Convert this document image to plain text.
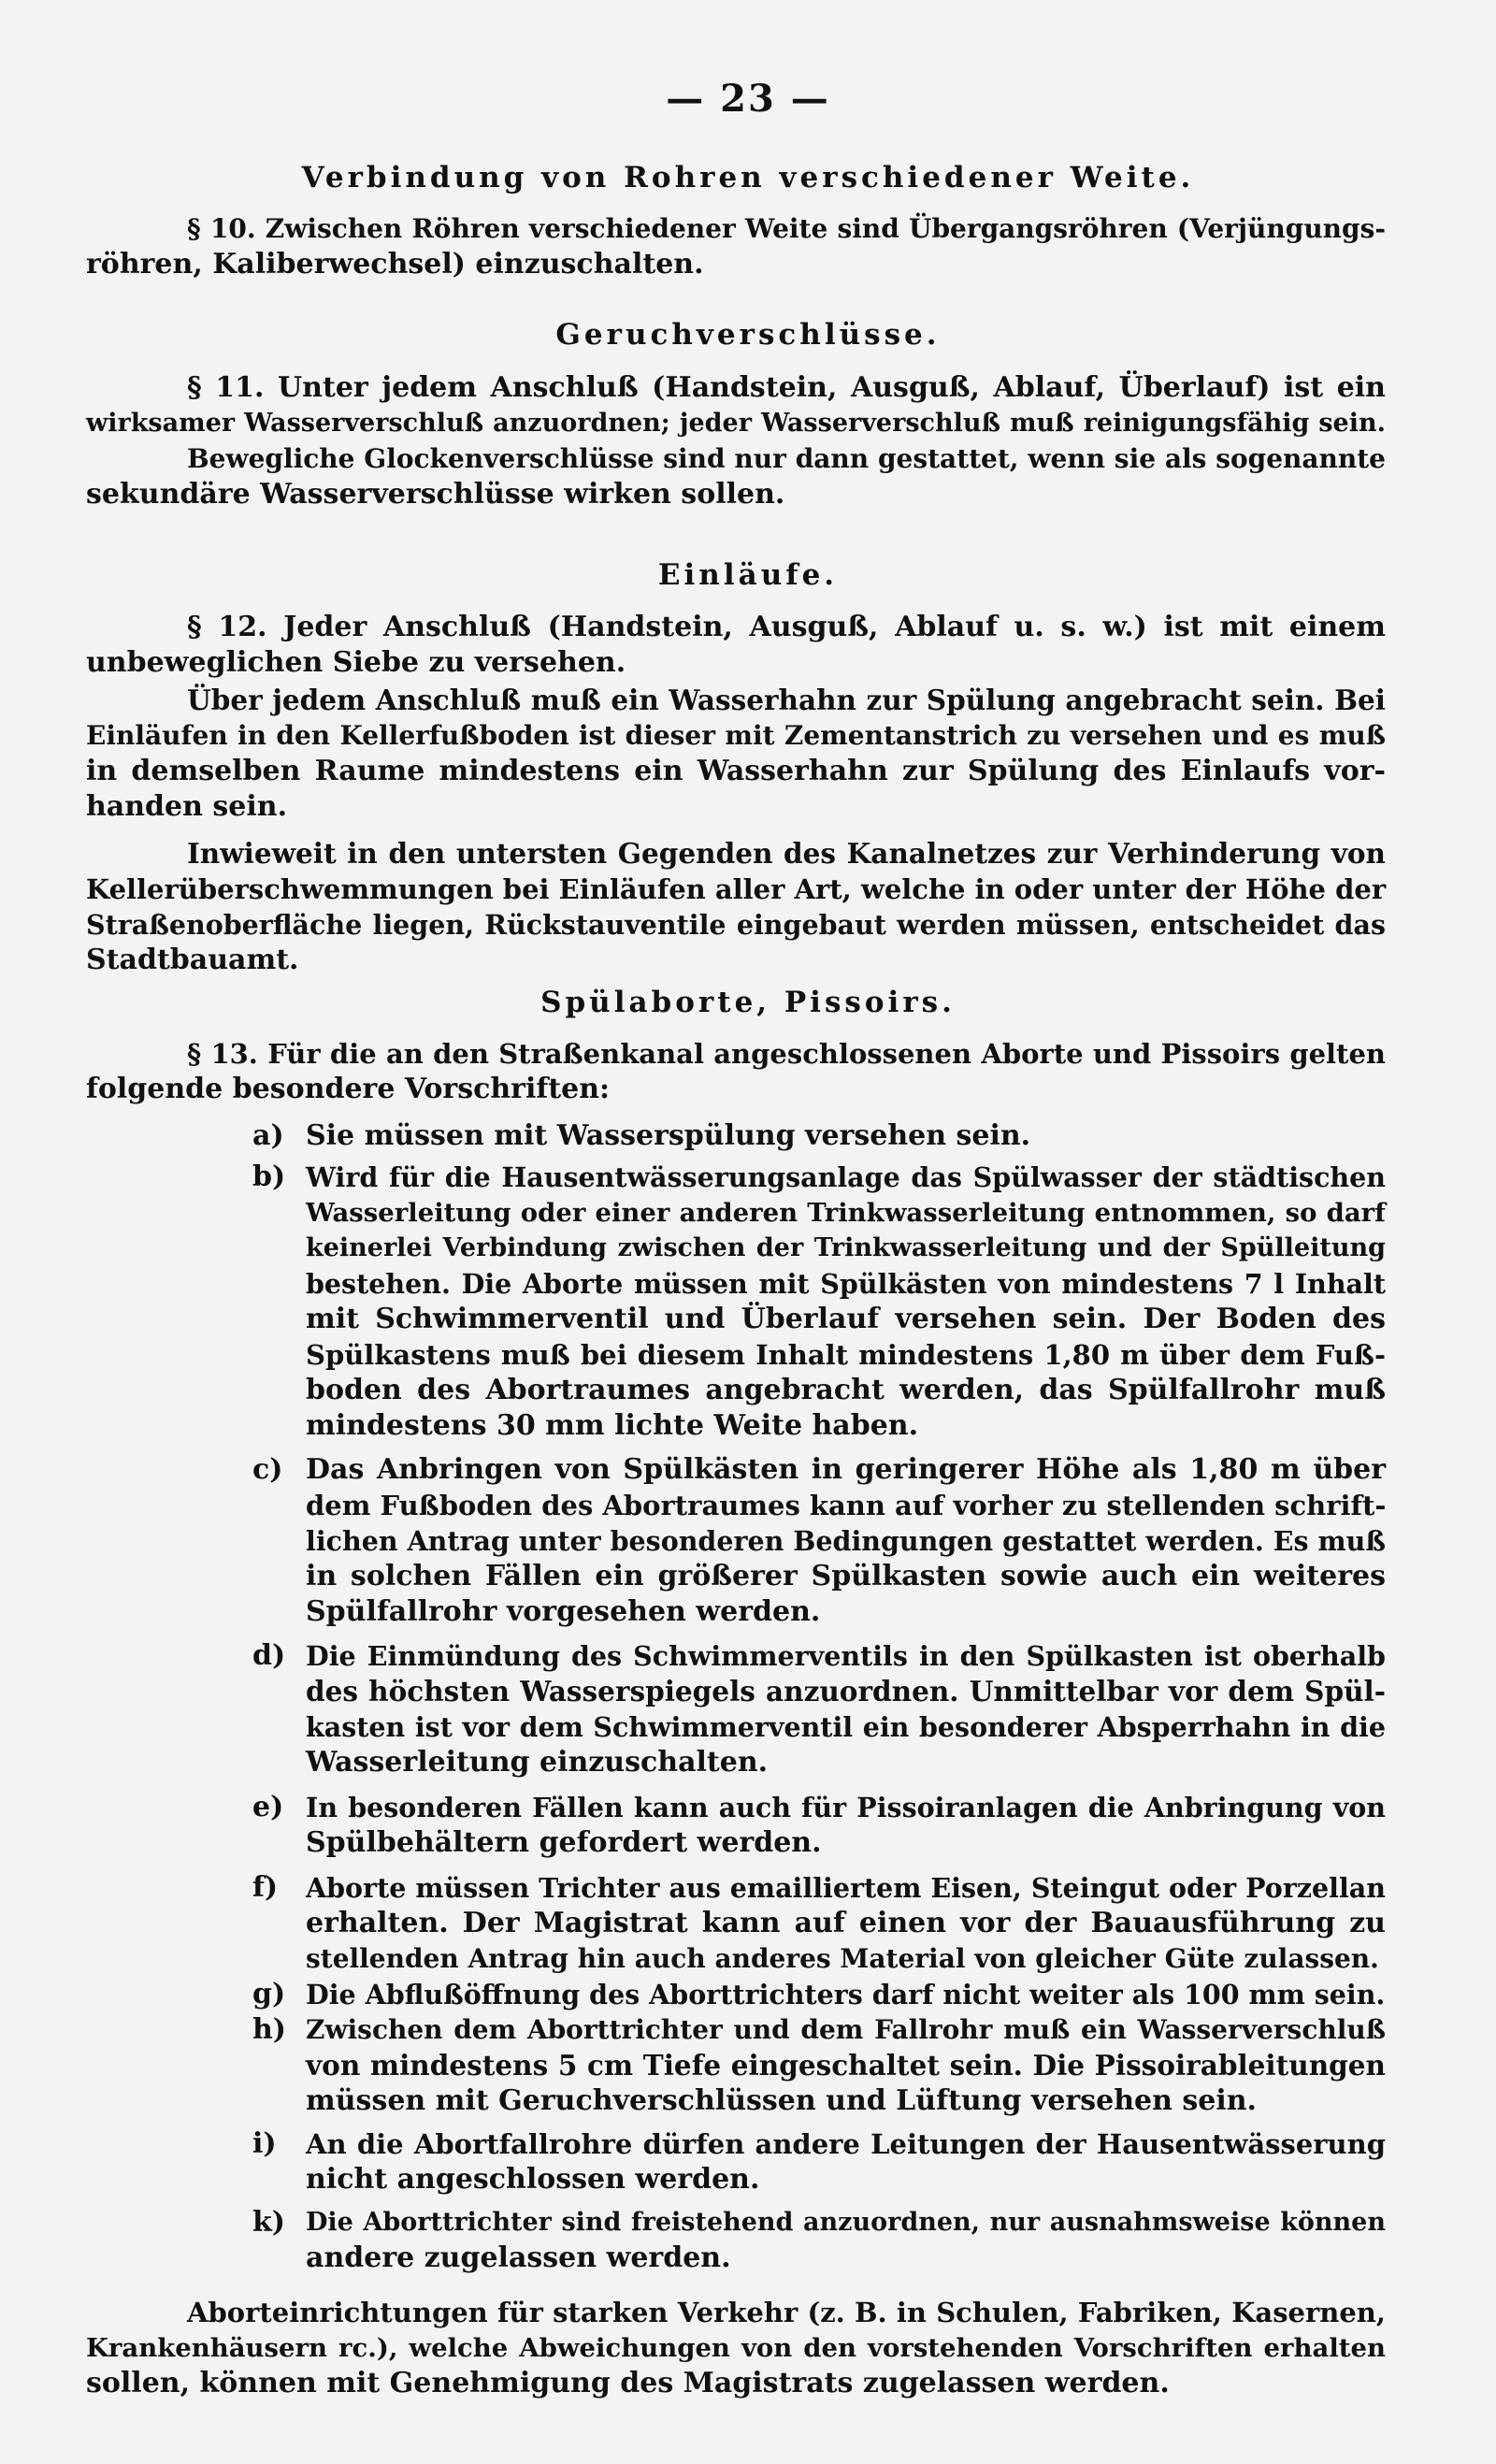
— 23 —
Verbindung von Rohren verschiedener Weite.
§ 10. Zwischen Röhren verschiedener Weite sind Übergangsröhren (Verjüngungs-
röhren, Kaliberwechsel) einzuschalten.
Geruchverschlüsse.
§ 11. Unter jedem Anschluß (Handstein, Ausguß, Ablauf, Überlauf) ist ein
wirksamer Wasserverschluß anzuordnen; jeder Wasserverschluß muß reinigungsfähig sein.
Bewegliche Glockenverschlüsse sind nur dann gestattet, wenn sie als sogenannte
sekundäre Wasserverschlüsse wirken sollen.
Einläufe.
§ 12. Jeder Anschluß (Handstein, Ausguß, Ablauf u. s. w.) ist mit einem
unbeweglichen Siebe zu versehen.
Über jedem Anschluß muß ein Wasserhahn zur Spülung angebracht sein. Bei
Einläufen in den Kellerfußboden ist dieser mit Zementanstrich zu versehen und es muß
in demselben Raume mindestens ein Wasserhahn zur Spülung des Einlaufs vor-
handen sein.
Inwieweit in den untersten Gegenden des Kanalnetzes zur Verhinderung von
Kellerüberschwemmungen bei Einläufen aller Art, welche in oder unter der Höhe der
Straßenoberfläche liegen, Rückstauventile eingebaut werden müssen, entscheidet das
Stadtbauamt.
Spülaborte, Pissoirs.
§ 13. Für die an den Straßenkanal angeschlossenen Aborte und Pissoirs gelten
folgende besondere Vorschriften:
a) Sie müssen mit Wasserspülung versehen sein.
b) Wird für die Hausentwässerungsanlage das Spülwasser der städtischen
Wasserleitung oder einer anderen Trinkwasserleitung entnommen, so darf
keinerlei Verbindung zwischen der Trinkwasserleitung und der Spülleitung
bestehen. Die Aborte müssen mit Spülkästen von mindestens 7 l Inhalt
mit Schwimmerventil und Überlauf versehen sein. Der Boden des
Spülkastens muß bei diesem Inhalt mindestens 1,80 m über dem Fuß-
boden des Abortraumes angebracht werden, das Spülfallrohr muß
mindestens 30 mm lichte Weite haben.
c) Das Anbringen von Spülkästen in geringerer Höhe als 1,80 m über
dem Fußboden des Abortraumes kann auf vorher zu stellenden schrift-
lichen Antrag unter besonderen Bedingungen gestattet werden. Es muß
in solchen Fällen ein größerer Spülkasten sowie auch ein weiteres
Spülfallrohr vorgesehen werden.
d) Die Einmündung des Schwimmerventils in den Spülkasten ist oberhalb
des höchsten Wasserspiegels anzuordnen. Unmittelbar vor dem Spül-
kasten ist vor dem Schwimmerventil ein besonderer Absperrhahn in die
Wasserleitung einzuschalten.
e) In besonderen Fällen kann auch für Pissoiranlagen die Anbringung von
Spülbehältern gefordert werden.
f) Aborte müssen Trichter aus emailliertem Eisen, Steingut oder Porzellan
erhalten. Der Magistrat kann auf einen vor der Bauausführung zu
stellenden Antrag hin auch anderes Material von gleicher Güte zulassen.
g) Die Abflußöffnung des Aborttrichters darf nicht weiter als 100 mm sein.
h) Zwischen dem Aborttrichter und dem Fallrohr muß ein Wasserverschluß
von mindestens 5 cm Tiefe eingeschaltet sein. Die Pissoirableitungen
müssen mit Geruchverschlüssen und Lüftung versehen sein.
i) An die Abortfallrohre dürfen andere Leitungen der Hausentwässerung
nicht angeschlossen werden.
k) Die Aborttrichter sind freistehend anzuordnen, nur ausnahmsweise können
andere zugelassen werden.
Aborteinrichtungen für starken Verkehr (z. B. in Schulen, Fabriken, Kasernen,
Krankenhäusern rc.), welche Abweichungen von den vorstehenden Vorschriften erhalten
sollen, können mit Genehmigung des Magistrats zugelassen werden.
